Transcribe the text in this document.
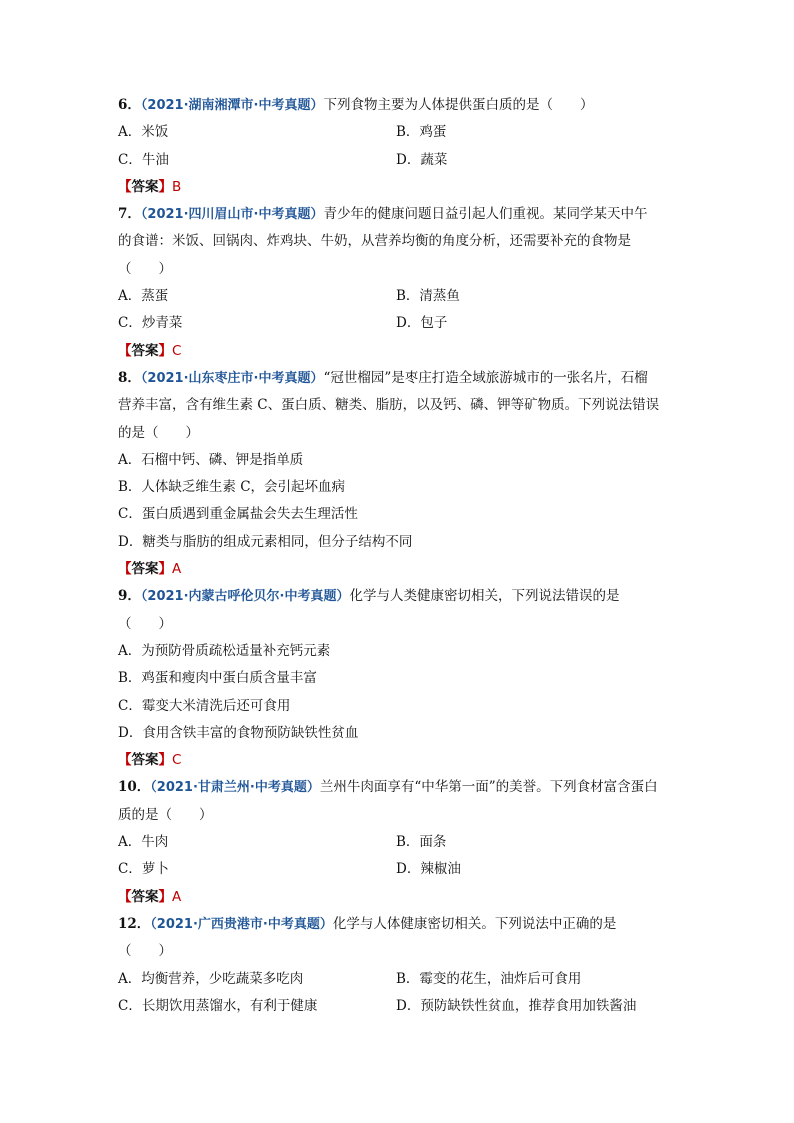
6．（2021·湖南湘潭市·中考真题）下列食物主要为人体提供蛋白质的是（　　）
A．米饭	B．鸡蛋
C．牛油	D．蔬菜
【答案】B
7．（2021·四川眉山市·中考真题）青少年的健康问题日益引起人们重视。某同学某天中午
的食谱：米饭、回锅肉、炸鸡块、牛奶，从营养均衡的角度分析，还需要补充的食物是
（　　）
A．蒸蛋	B．清蒸鱼
C．炒青菜	D．包子
【答案】C
8．（2021·山东枣庄市·中考真题）“冠世榴园”是枣庄打造全域旅游城市的一张名片，石榴
营养丰富，含有维生素 C、蛋白质、糖类、脂肪，以及钙、磷、钾等矿物质。下列说法错误
的是（　　）
A．石榴中钙、磷、钾是指单质
B．人体缺乏维生素 C，会引起坏血病
C．蛋白质遇到重金属盐会失去生理活性
D．糖类与脂肪的组成元素相同，但分子结构不同
【答案】A
9．（2021·内蒙古呼伦贝尔·中考真题）化学与人类健康密切相关，下列说法错误的是
（　　）
A．为预防骨质疏松适量补充钙元素
B．鸡蛋和瘦肉中蛋白质含量丰富
C．霉变大米清洗后还可食用
D．食用含铁丰富的食物预防缺铁性贫血
【答案】C
10．（2021·甘肃兰州·中考真题）兰州牛肉面享有“中华第一面”的美誉。下列食材富含蛋白
质的是（　　）
A．牛肉	B．面条
C．萝卜	D．辣椒油
【答案】A
12．（2021·广西贵港市·中考真题）化学与人体健康密切相关。下列说法中正确的是
（　　）
A．均衡营养，少吃蔬菜多吃肉	B．霉变的花生，油炸后可食用
C．长期饮用蒸馏水，有利于健康	D．预防缺铁性贫血，推荐食用加铁酱油
